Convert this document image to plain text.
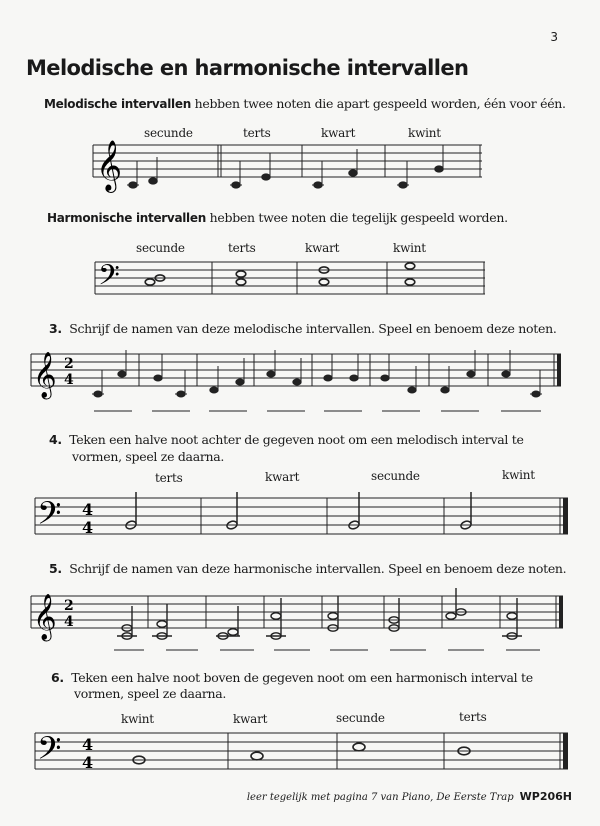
3
Melodische en harmonische intervallen
Melodische intervallen hebben twee noten die apart gespeeld worden, één voor één.
secunde	terts	kwart	kwint
𝄞
Harmonische intervallen hebben twee noten die tegelijk gespeeld worden.
secunde	terts	kwart	kwint
𝄢
3. Schrijf de namen van deze melodische intervallen. Speel en benoem deze noten.
𝄞 2
4
4. Teken een halve noot achter de gegeven noot om een melodisch interval te
vormen, speel ze daarna.
terts	kwart	secunde	kwint
𝄢 4
4
5. Schrijf de namen van deze harmonische intervallen. Speel en benoem deze noten.
𝄞 2
4
6. Teken een halve noot boven de gegeven noot om een harmonisch interval te
vormen, speel ze daarna.
kwint	kwart	secunde	terts
𝄢 4
4
leer tegelijk met pagina 7 van Piano, De Eerste Trap WP206H
